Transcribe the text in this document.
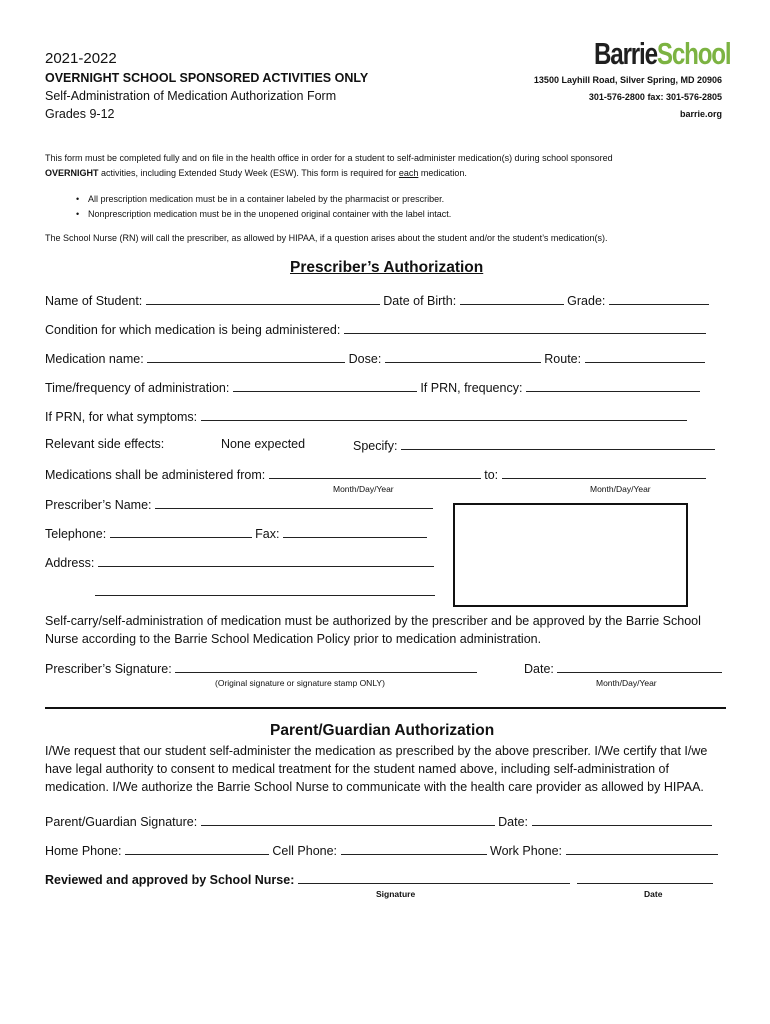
2021-2022
OVERNIGHT SCHOOL SPONSORED ACTIVITIES ONLY
Self-Administration of Medication Authorization Form
Grades 9-12
BarrieSchool
13500 Layhill Road, Silver Spring, MD 20906
301-576-2800 fax: 301-576-2805
barrie.org
This form must be completed fully and on file in the health office in order for a student to self-administer medication(s) during school sponsored
OVERNIGHT activities, including Extended Study Week (ESW). This form is required for each medication.
• All prescription medication must be in a container labeled by the pharmacist or prescriber.
• Nonprescription medication must be in the unopened original container with the label intact.
The School Nurse (RN) will call the prescriber, as allowed by HIPAA, if a question arises about the student and/or the student’s medication(s).
Prescriber’s Authorization
Name of Student:	Date of Birth:	Grade:
Condition for which medication is being administered:
Medication name:	Dose:	Route:
Time/frequency of administration:	If PRN, frequency:
If PRN, for what symptoms:
Relevant side effects:	None expected	Specify:
Medications shall be administered from:	to:
Month/Day/Year	Month/Day/Year
Prescriber’s Name:
Telephone:	Fax:
Address:
Self-carry/self-administration of medication must be authorized by the prescriber and be approved by the Barrie School Nurse according to the Barrie School Medication Policy prior to medication administration.
Prescriber’s Signature:	Date:
(Original signature or signature stamp ONLY)	Month/Day/Year
Parent/Guardian Authorization
I/We request that our student self-administer the medication as prescribed by the above prescriber. I/We certify that I/we have legal authority to consent to medical treatment for the student named above, including self-administration of medication. I/We authorize the Barrie School Nurse to communicate with the health care provider as allowed by HIPAA.
Parent/Guardian Signature:	Date:
Home Phone:	Cell Phone:	Work Phone:
Reviewed and approved by School Nurse:
Signature	Date
